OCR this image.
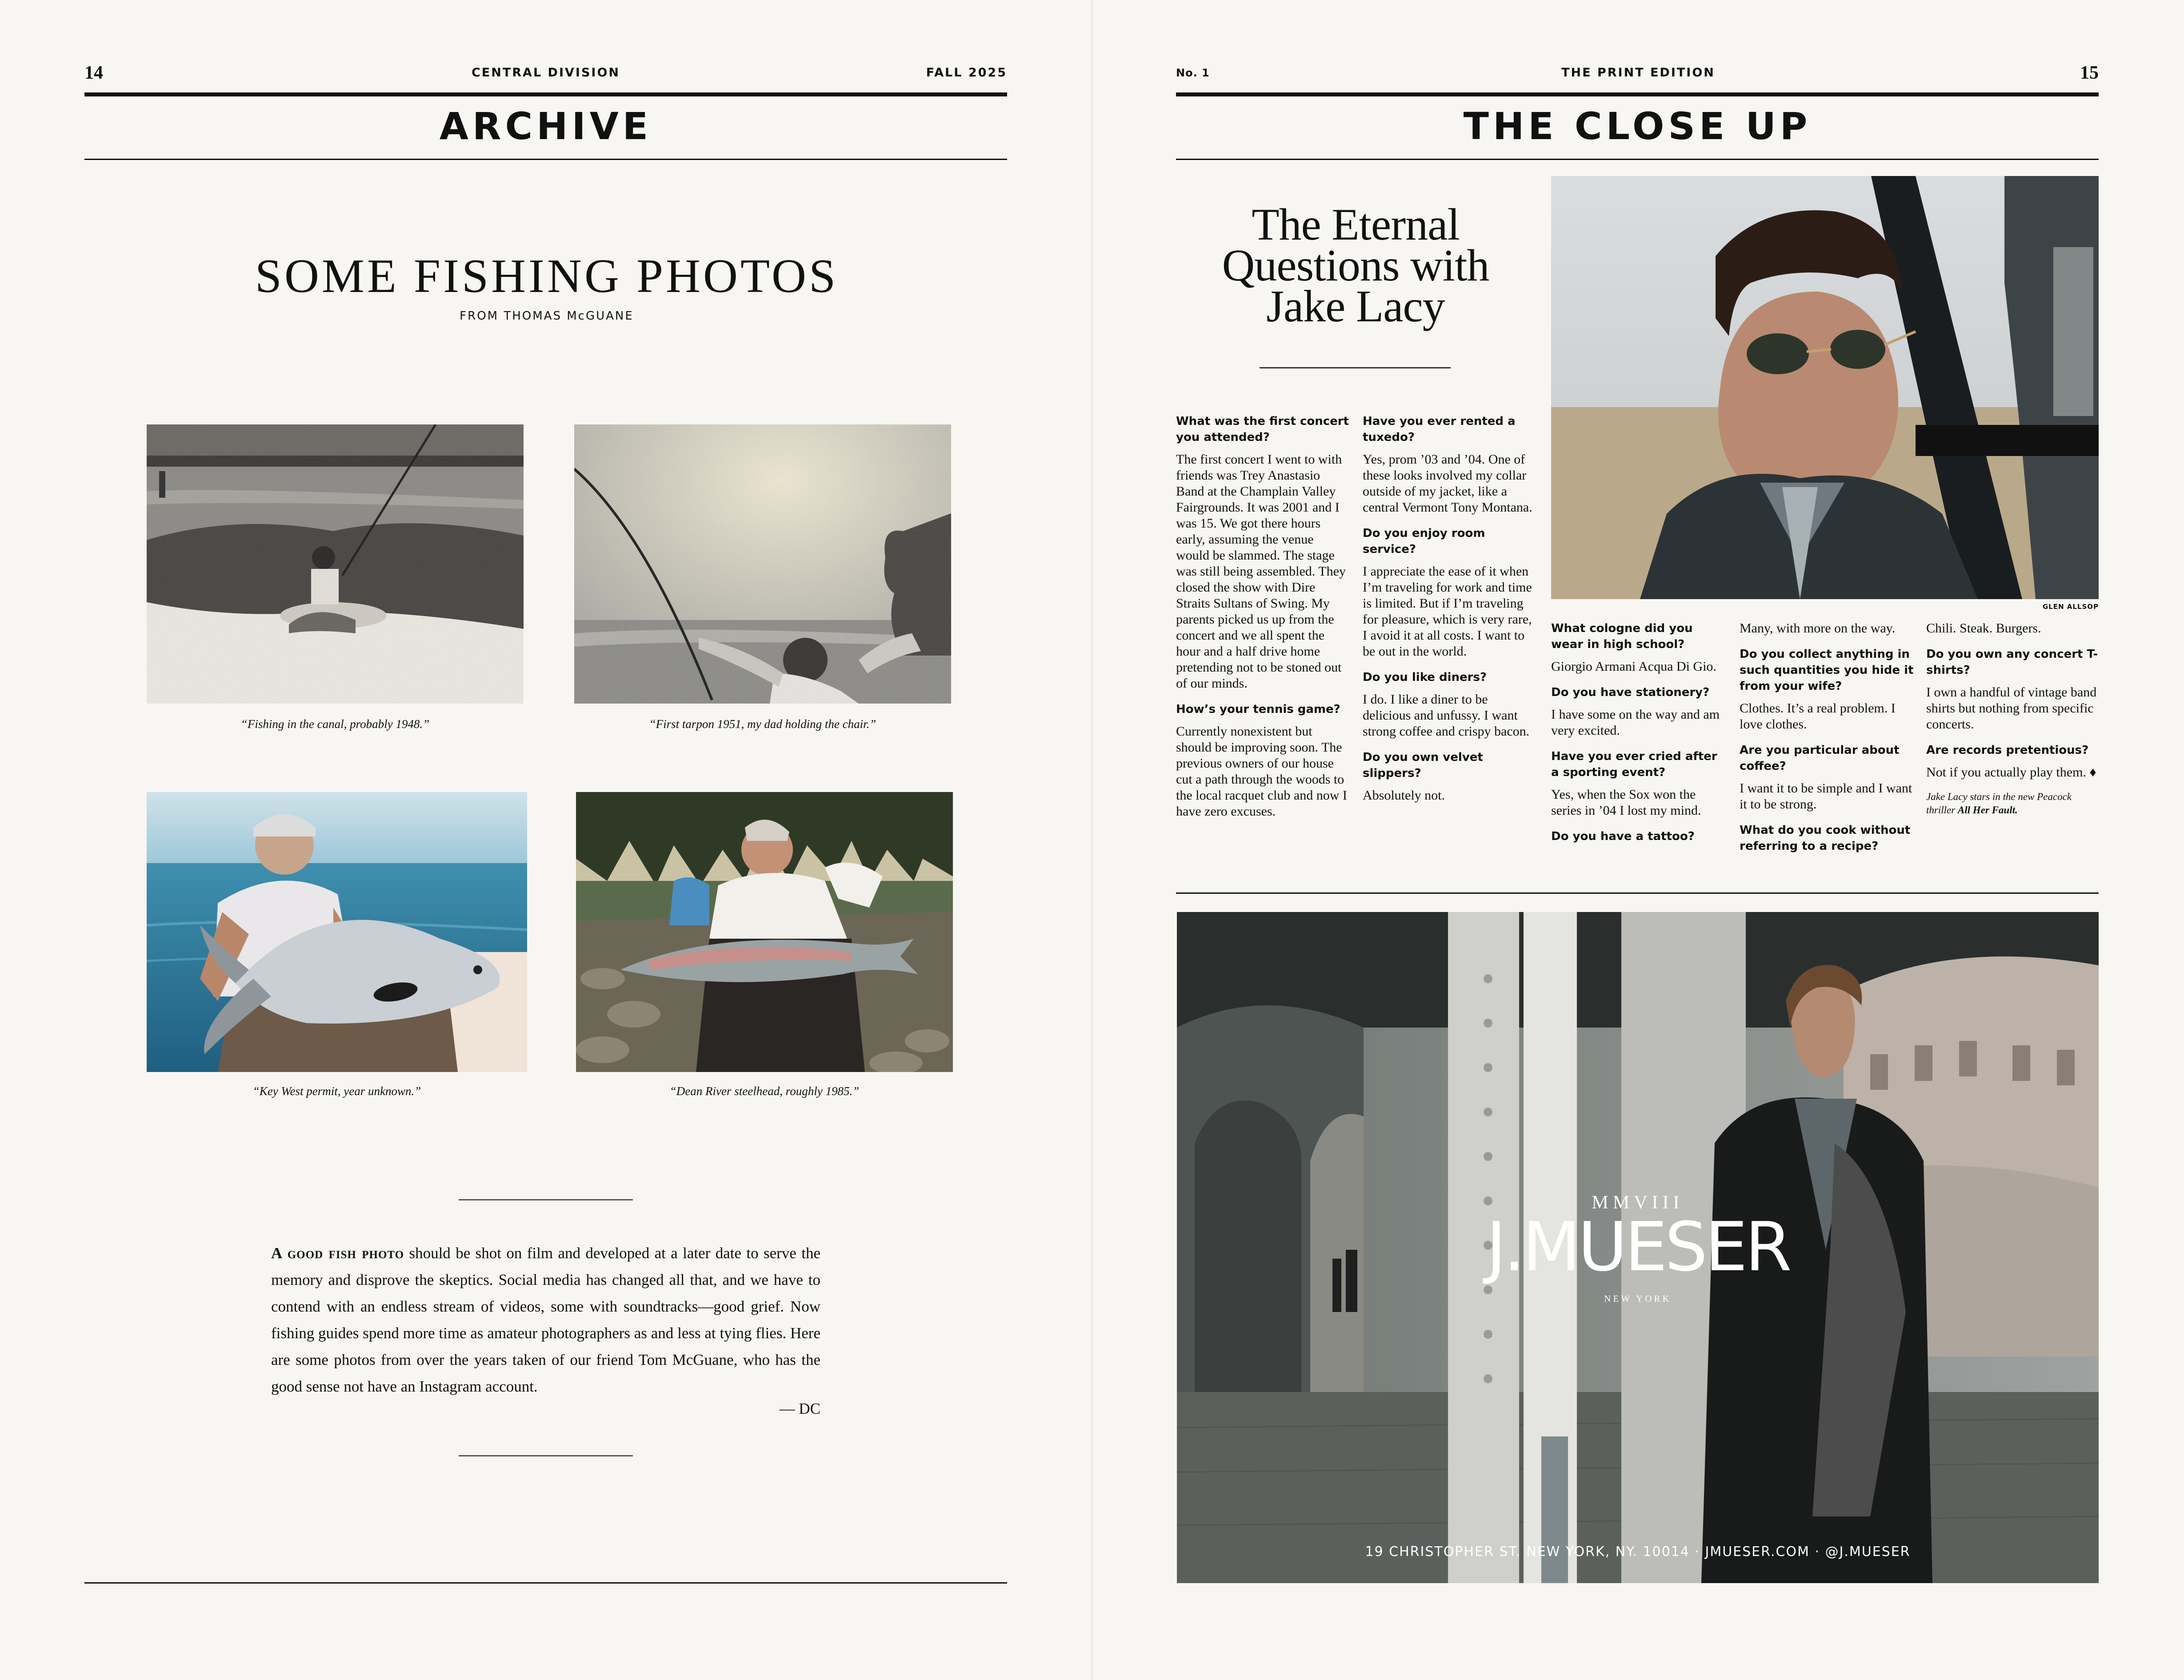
14	CENTRAL DIVISION	FALL 2025
ARCHIVE
SOME FISHING PHOTOS
FROM THOMAS McGUANE
“Fishing in the canal, probably 1948.”	“First tarpon 1951, my dad holding the chair.”
“Key West permit, year unknown.”	“Dean River steelhead, roughly 1985.”
A good fish photo should be shot on film and developed at a later date to serve the memory and disprove the skeptics. Social media has changed all that, and we have to contend with an endless stream of videos, some with soundtracks—good grief. Now fishing guides spend more time as amateur photographers as and less at tying flies. Here are some photos from over the years taken of our friend Tom McGuane, who has the good sense not have an Instagram account.
— DC
No. 1	THE PRINT EDITION	15
THE CLOSE UP
The Eternal
Questions with
Jake Lacy
GLEN ALLSOP
What was the first concert you attended?
The first concert I went to with friends was Trey Anastasio Band at the Champlain Valley Fairgrounds. It was 2001 and I was 15. We got there hours early, assuming the venue would be slammed. The stage was still being assembled. They closed the show with Dire Straits Sultans of Swing. My parents picked us up from the concert and we all spent the hour and a half drive home pretending not to be stoned out of our minds.
How’s your tennis game?
Currently nonexistent but should be improving soon. The previous owners of our house cut a path through the woods to the local racquet club and now I have zero excuses.
Have you ever rented a tuxedo?
Yes, prom ’03 and ’04. One of these looks involved my collar outside of my jacket, like a central Vermont Tony Montana.
Do you enjoy room service?
I appreciate the ease of it when I’m traveling for work and time is limited. But if I’m traveling for pleasure, which is very rare, I avoid it at all costs. I want to be out in the world.
Do you like diners?
I do. I like a diner to be delicious and unfussy. I want strong coffee and crispy bacon.
Do you own velvet slippers?
Absolutely not.
What cologne did you wear in high school?
Giorgio Armani Acqua Di Gio.
Do you have stationery?
I have some on the way and am very excited.
Have you ever cried after a sporting event?
Yes, when the Sox won the series in ’04 I lost my mind.
Do you have a tattoo?
Many, with more on the way.
Do you collect anything in such quantities you hide it from your wife?
Clothes. It’s a real problem. I love clothes.
Are you particular about coffee?
I want it to be simple and I want it to be strong.
What do you cook without referring to a recipe?
Chili. Steak. Burgers.
Do you own any concert T-shirts?
I own a handful of vintage band shirts but nothing from specific concerts.
Are records pretentious?
Not if you actually play them. ♦
Jake Lacy stars in the new Peacock thriller All Her Fault.
MMVIII
J.MUESER
NEW YORK
19 CHRISTOPHER ST. NEW YORK, NY. 10014 · JMUESER.COM · @J.MUESER
